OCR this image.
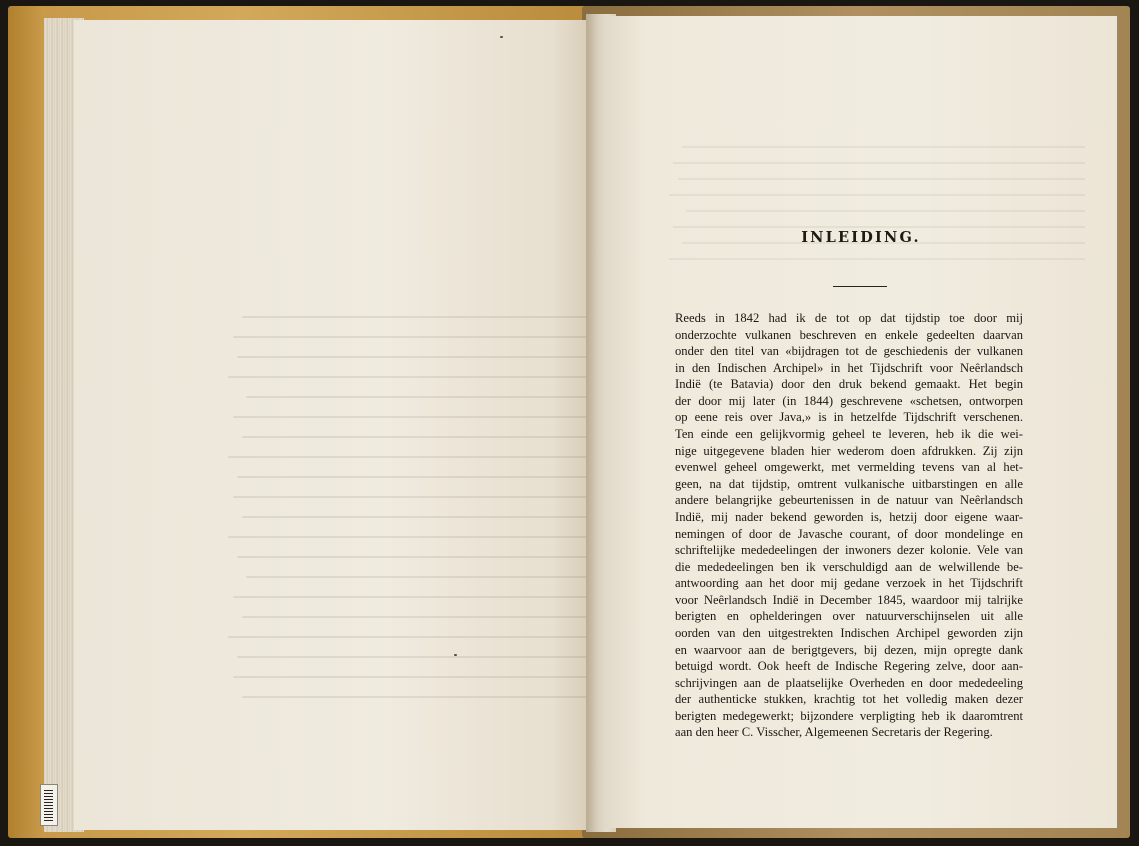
INLEIDING.
Reeds in 1842 had ik de tot op dat tijdstip toe door mij
onderzochte vulkanen beschreven en enkele gedeelten daarvan
onder den titel van «bijdragen tot de geschiedenis der vulkanen
in den Indischen Archipel» in het Tijdschrift voor Neêrlandsch
Indië (te Batavia) door den druk bekend gemaakt. Het begin
der door mij later (in 1844) geschrevene «schetsen, ontworpen
op eene reis over Java,» is in hetzelfde Tijdschrift verschenen.
Ten einde een gelijkvormig geheel te leveren, heb ik die wei-
nige uitgegevene bladen hier wederom doen afdrukken. Zij zijn
evenwel geheel omgewerkt, met vermelding tevens van al het-
geen, na dat tijdstip, omtrent vulkanische uitbarstingen en alle
andere belangrijke gebeurtenissen in de natuur van Neêrlandsch
Indië, mij nader bekend geworden is, hetzij door eigene waar-
nemingen of door de Javasche courant, of door mondelinge en
schriftelijke mededeelingen der inwoners dezer kolonie. Vele van
die mededeelingen ben ik verschuldigd aan de welwillende be-
antwoording aan het door mij gedane verzoek in het Tijdschrift
voor Neêrlandsch Indië in December 1845, waardoor mij talrijke
berigten en ophelderingen over natuurverschijnselen uit alle
oorden van den uitgestrekten Indischen Archipel geworden zijn
en waarvoor aan de berigtgevers, bij dezen, mijn opregte dank
betuigd wordt. Ook heeft de Indische Regering zelve, door aan-
schrijvingen aan de plaatselijke Overheden en door mededeeling
der authenticke stukken, krachtig tot het volledig maken dezer
berigten medegewerkt; bijzondere verpligting heb ik daaromtrent
aan den heer C. Visscher, Algemeenen Secretaris der Regering.
